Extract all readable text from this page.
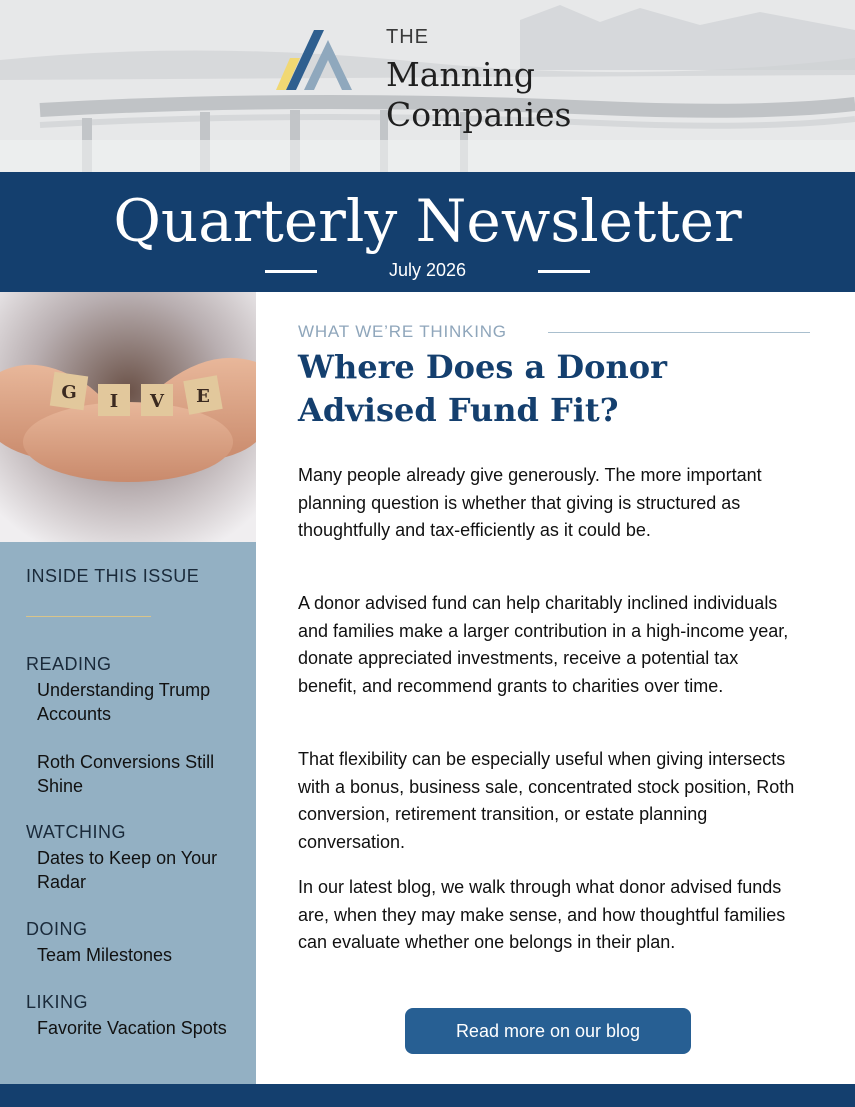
THE
Manning
Companies
Quarterly Newsletter
July 2026
G I V E
INSIDE THIS ISSUE
READING
Understanding Trump Accounts
Roth Conversions Still Shine
WATCHING
Dates to Keep on Your Radar
DOING
Team Milestones
LIKING
Favorite Vacation Spots
WHAT WE’RE THINKING
Where Does a Donor Advised Fund Fit?

Many people already give generously. The more important planning question is whether that giving is structured as thoughtfully and tax-efficiently as it could be.

A donor advised fund can help charitably inclined individuals and families make a larger contribution in a high-income year, donate appreciated investments, receive a potential tax benefit, and recommend grants to charities over time.

That flexibility can be especially useful when giving intersects with a bonus, business sale, concentrated stock position, Roth conversion, retirement transition, or estate planning conversation.

In our latest blog, we walk through what donor advised funds are, when they may make sense, and how thoughtful families can evaluate whether one belongs in their plan.

Read more on our blog
